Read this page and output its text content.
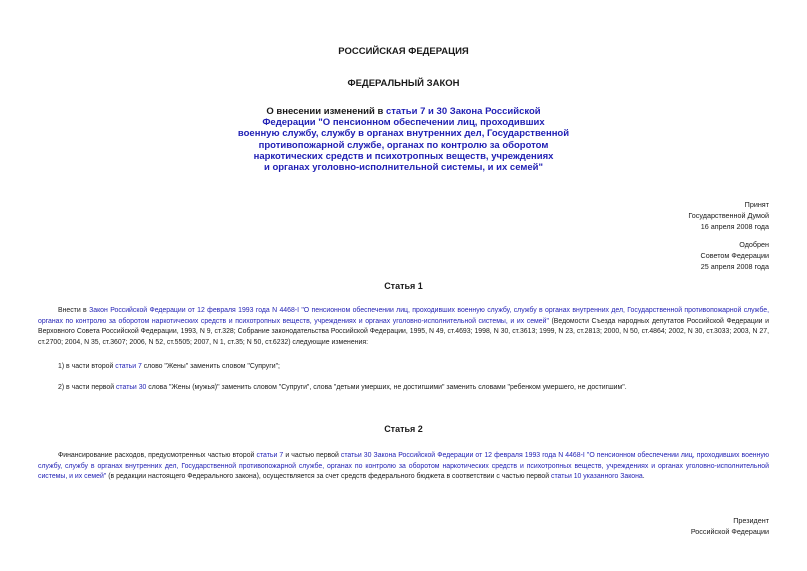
РОССИЙСКАЯ ФЕДЕРАЦИЯ
ФЕДЕРАЛЬНЫЙ ЗАКОН
О внесении изменений в статьи 7 и 30 Закона Российской
Федерации "О пенсионном обеспечении лиц, проходивших
военную службу, службу в органах внутренних дел, Государственной
противопожарной службе, органах по контролю за оборотом
наркотических средств и психотропных веществ, учреждениях
и органах уголовно-исполнительной системы, и их семей"
Принят
Государственной Думой
16 апреля 2008 года
Одобрен
Советом Федерации
25 апреля 2008 года
Статья 1
Внести в Закон Российской Федерации от 12 февраля 1993 года N 4468-I "О пенсионном обеспечении лиц, проходивших военную службу, службу в органах внутренних дел, Государственной противопожарной службе, органах по контролю за оборотом наркотических средств и психотропных веществ, учреждениях и органах уголовно-исполнительной системы, и их семей" (Ведомости Съезда народных депутатов Российской Федерации и Верховного Совета Российской Федерации, 1993, N 9, ст.328; Собрание законодательства Российской Федерации, 1995, N 49, ст.4693; 1998, N 30, ст.3613; 1999, N 23, ст.2813; 2000, N 50, ст.4864; 2002, N 30, ст.3033; 2003, N 27, ст.2700; 2004, N 35, ст.3607; 2006, N 52, ст.5505; 2007, N 1, ст.35; N 50, ст.6232) следующие изменения:
1) в части второй статьи 7 слово "Жены" заменить словом "Супруги";
2) в части первой статьи 30 слова "Жены (мужья)" заменить словом "Супруги", слова "детьми умерших, не достигшими" заменить словами "ребенком умершего, не достигшим".
Статья 2
Финансирование расходов, предусмотренных частью второй статьи 7 и частью первой статьи 30 Закона Российской Федерации от 12 февраля 1993 года N 4468-I "О пенсионном обеспечении лиц, проходивших военную службу, службу в органах внутренних дел, Государственной противопожарной службе, органах по контролю за оборотом наркотических средств и психотропных веществ, учреждениях и органах уголовно-исполнительной системы, и их семей" (в редакции настоящего Федерального закона), осуществляется за счет средств федерального бюджета в соответствии с частью первой статьи 10 указанного Закона.
Президент
Российской Федерации
